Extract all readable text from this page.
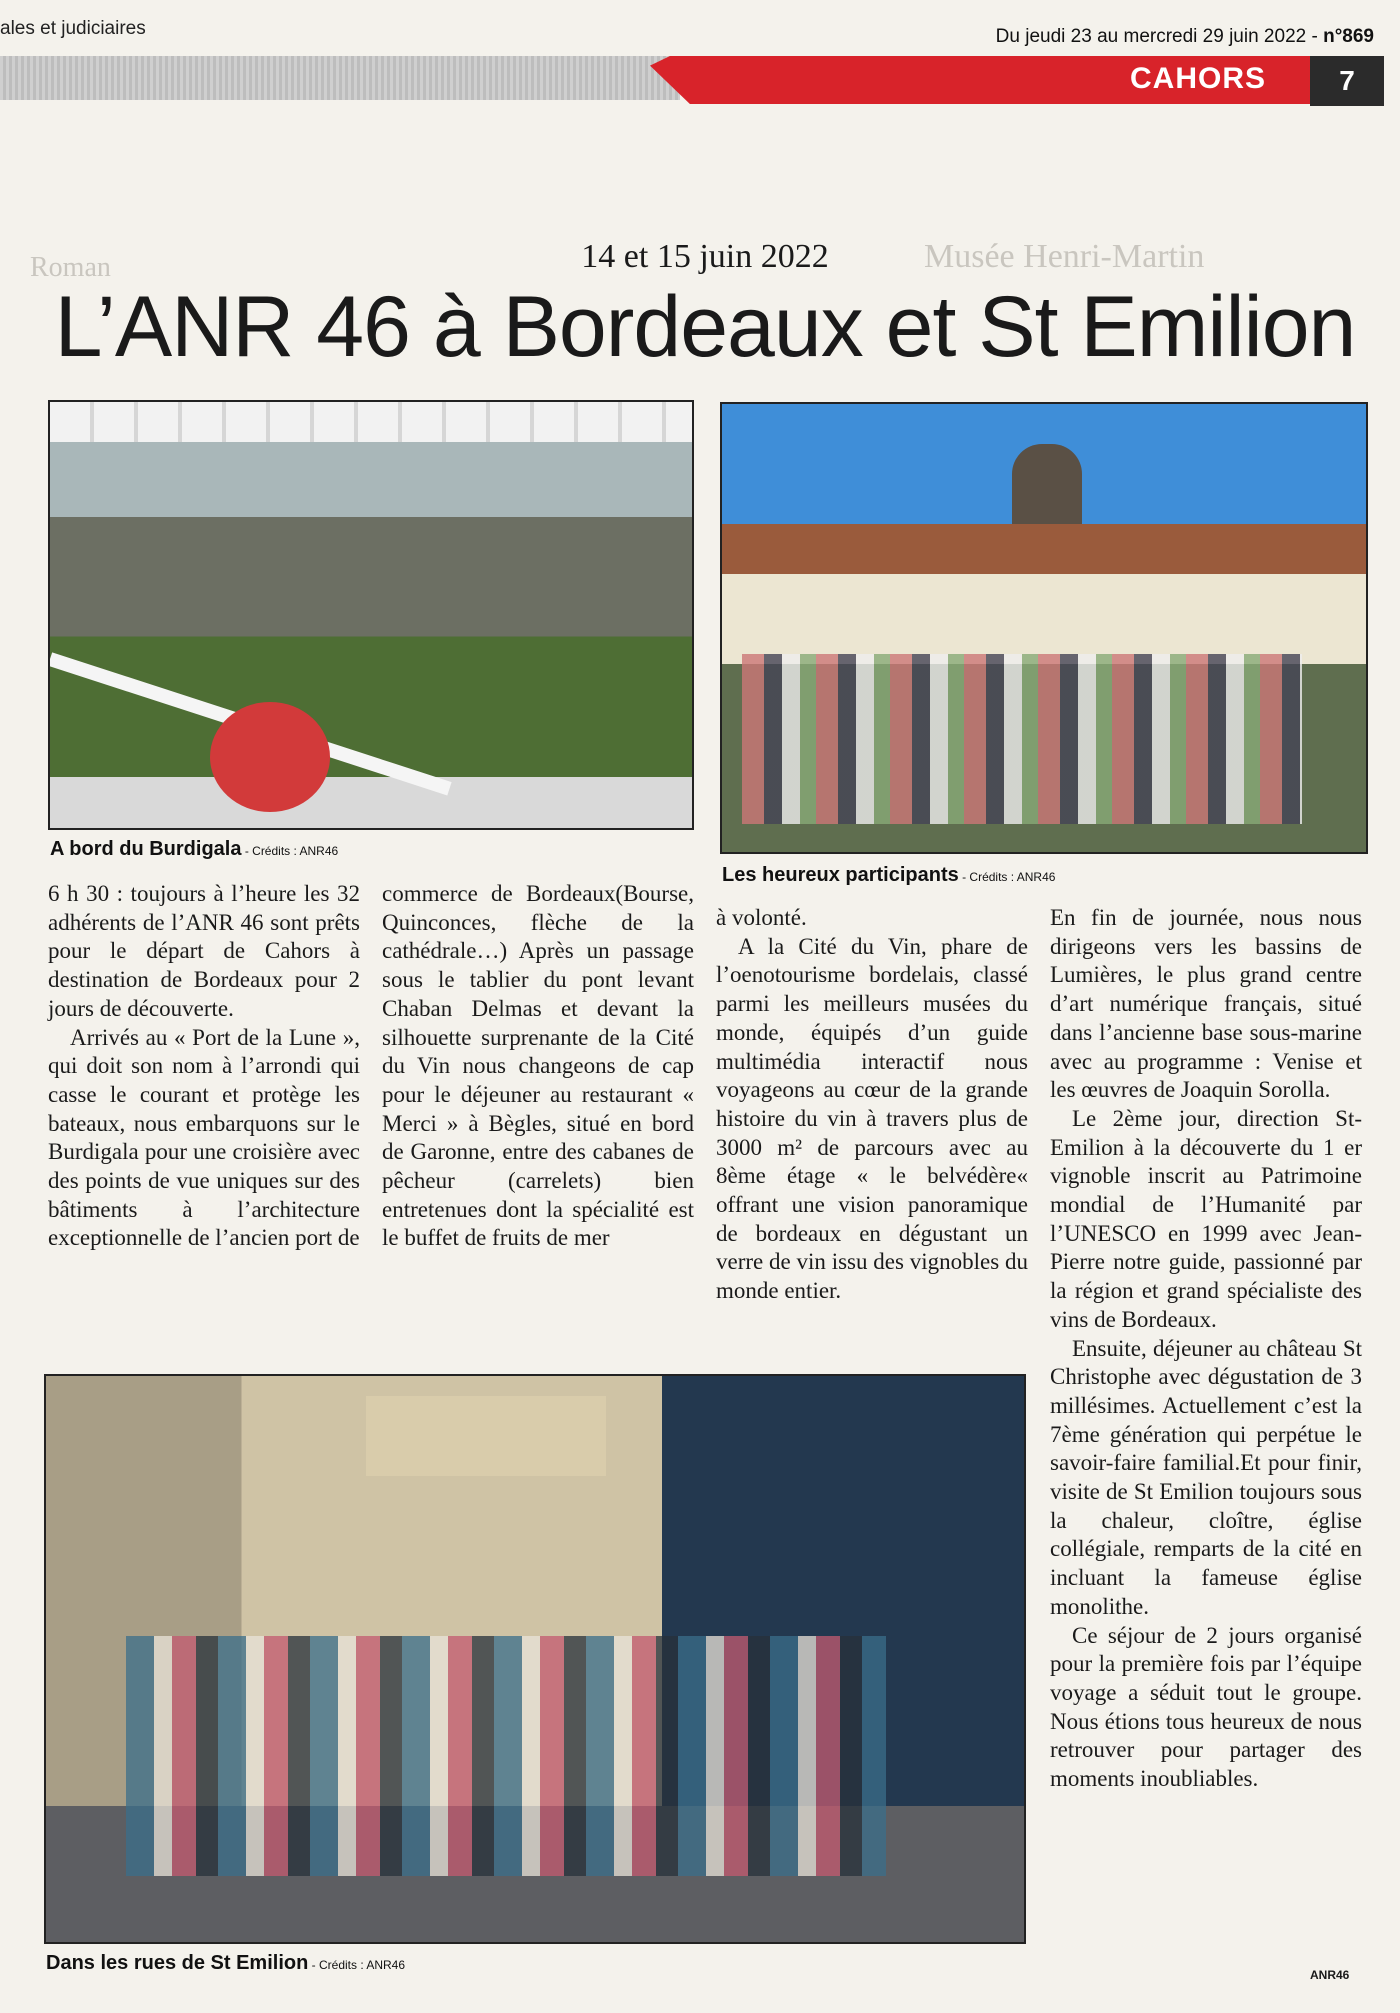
ales et judiciaires	Du jeudi 23 au mercredi 29 juin 2022 - n°869
CAHORS	7
Musée Henri-Martin
Roman	14 et 15 juin 2022
L’ANR 46 à Bordeaux et St Emilion
A bord du Burdigala - Crédits : ANR46
Les heureux participants - Crédits : ANR46
Dans les rues de St Emilion - Crédits : ANR46

6 h 30 : toujours à l’heure les 32 adhérents de l’ANR 46 sont prêts pour le départ de Cahors à destination de Bordeaux pour 2 jours de découverte.

Arrivés au « Port de la Lune », qui doit son nom à l’arrondi qui casse le courant et protège les bateaux, nous embarquons sur le Burdigala pour une croisière avec des points de vue uniques sur des bâtiments à l’architecture exceptionnelle de l’ancien port de

commerce de Bordeaux(Bourse, Quinconces, flèche de la cathédrale…) Après un passage sous le tablier du pont levant Chaban Delmas et devant la silhouette surprenante de la Cité du Vin nous changeons de cap pour le déjeuner au restaurant « Merci » à Bègles, situé en bord de Garonne, entre des cabanes de pêcheur (carrelets) bien entretenues dont la spécialité est le buffet de fruits de mer

à volonté.

A la Cité du Vin, phare de l’oenotourisme bordelais, classé parmi les meilleurs musées du monde, équipés d’un guide multimédia interactif nous voyageons au cœur de la grande histoire du vin à travers plus de 3000 m² de parcours avec au 8ème étage « le belvédère« offrant une vision panoramique de bordeaux en dégustant un verre de vin issu des vignobles du monde entier.

En fin de journée, nous nous dirigeons vers les bassins de Lumières, le plus grand centre d’art numérique français, situé dans l’ancienne base sous-marine avec au programme : Venise et les œuvres de Joaquin Sorolla.

Le 2ème jour, direction St-Emilion à la découverte du 1 er vignoble inscrit au Patrimoine mondial de l’Humanité par l’UNESCO en 1999 avec Jean-Pierre notre guide, passionné par la région et grand spécialiste des vins de Bordeaux.

Ensuite, déjeuner au château St Christophe avec dégustation de 3 millésimes. Actuellement c’est la 7ème génération qui perpétue le savoir-faire familial.Et pour finir, visite de St Emilion toujours sous la chaleur, cloître, église collégiale, remparts de la cité en incluant la fameuse église monolithe.

Ce séjour de 2 jours organisé pour la première fois par l’équipe voyage a séduit tout le groupe. Nous étions tous heureux de nous retrouver pour partager des moments inoubliables.

ANR46
